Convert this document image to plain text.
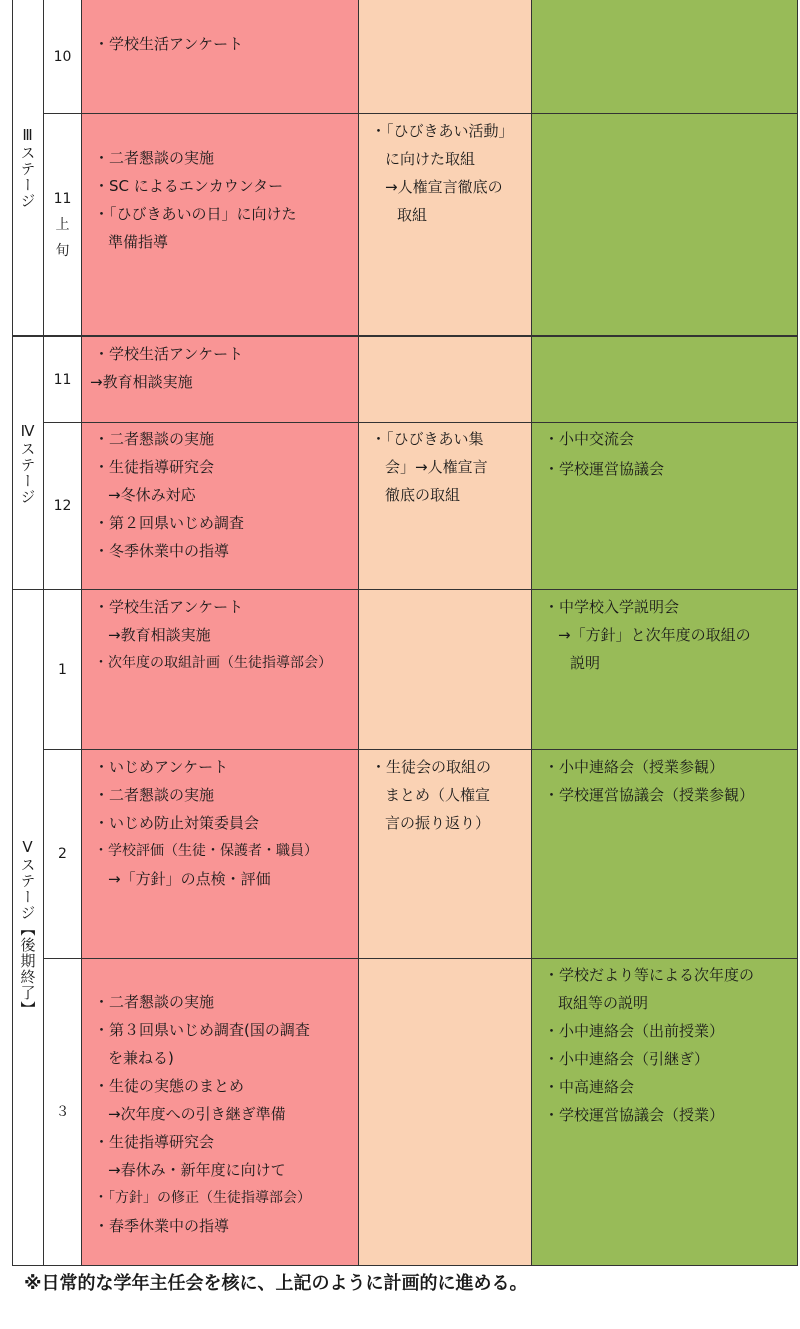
Ⅲステージ
10
・学校生活アンケート
11
上
旬
・二者懇談の実施
・SC によるエンカウンター
・「ひびきあいの日」に向けた
準備指導
・「ひびきあい活動」
に向けた取組
→人権宣言徹底の
取組
Ⅳステージ
11
・学校生活アンケート
→教育相談実施
12
・二者懇談の実施
・生徒指導研究会
→冬休み対応
・第２回県いじめ調査
・冬季休業中の指導
・「ひびきあい集
会」→人権宣言
徹底の取組
・小中交流会
・学校運営協議会
Ⅴステージ【後期終了】
1
・学校生活アンケート
→教育相談実施
・次年度の取組計画（生徒指導部会）
・中学校入学説明会
→「方針」と次年度の取組の
説明
2
・いじめアンケート
・二者懇談の実施
・いじめ防止対策委員会
・学校評価（生徒・保護者・職員）
→「方針」の点検・評価
・生徒会の取組の
まとめ（人権宣
言の振り返り）
・小中連絡会（授業参観）
・学校運営協議会（授業参観）
３
・二者懇談の実施
・第３回県いじめ調査(国の調査
を兼ねる)
・生徒の実態のまとめ
→次年度への引き継ぎ準備
・生徒指導研究会
→春休み・新年度に向けて
・「方針」の修正（生徒指導部会）
・春季休業中の指導
・学校だより等による次年度の
取組等の説明
・小中連絡会（出前授業）
・小中連絡会（引継ぎ）
・中高連絡会
・学校運営協議会（授業）
※日常的な学年主任会を核に、上記のように計画的に進める。
